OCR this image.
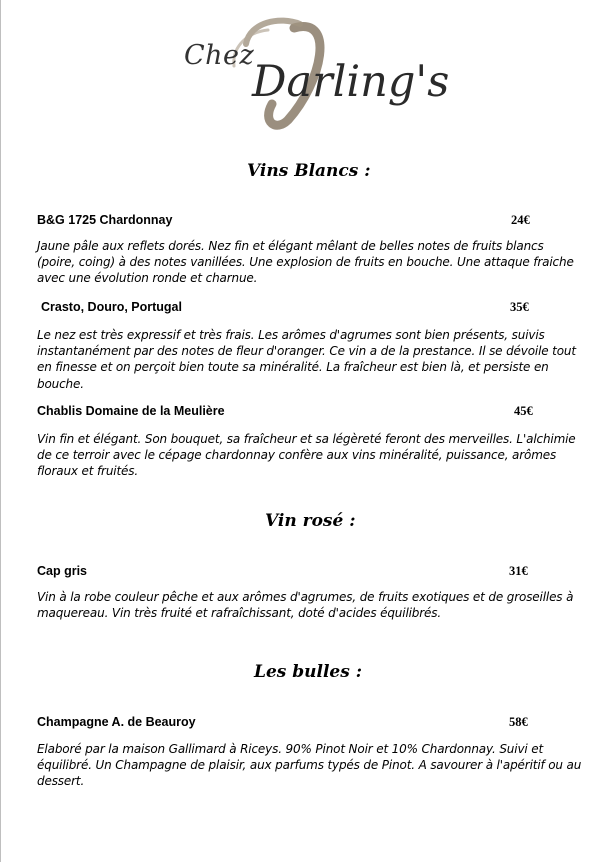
Chez
Darling's
Vins Blancs :
B&G 1725 Chardonnay	24€

Jaune pâle aux reflets dorés. Nez fin et élégant mêlant de belles notes de fruits blancs (poire, coing) à des notes vanillées. Une explosion de fruits en bouche. Une attaque fraiche avec une évolution ronde et charnue.

Crasto, Douro, Portugal	35€

Le nez est très expressif et très frais. Les arômes d'agrumes sont bien présents, suivis instantanément par des notes de fleur d'oranger. Ce vin a de la prestance. Il se dévoile tout en finesse et on perçoit bien toute sa minéralité. La fraîcheur est bien là, et persiste en bouche.

Chablis Domaine de la Meulière	45€

Vin fin et élégant. Son bouquet, sa fraîcheur et sa légèreté feront des merveilles. L'alchimie de ce terroir avec le cépage chardonnay confère aux vins minéralité, puissance, arômes floraux et fruités.

Vin rosé :
Cap gris	31€

Vin à la robe couleur pêche et aux arômes d'agrumes, de fruits exotiques et de groseilles à maquereau. Vin très fruité et rafraîchissant, doté d'acides équilibrés.

Les bulles :
Champagne A. de Beauroy	58€

Elaboré par la maison Gallimard à Riceys. 90% Pinot Noir et 10% Chardonnay. Suivi et équilibré. Un Champagne de plaisir, aux parfums typés de Pinot. A savourer à l'apéritif ou au dessert.
